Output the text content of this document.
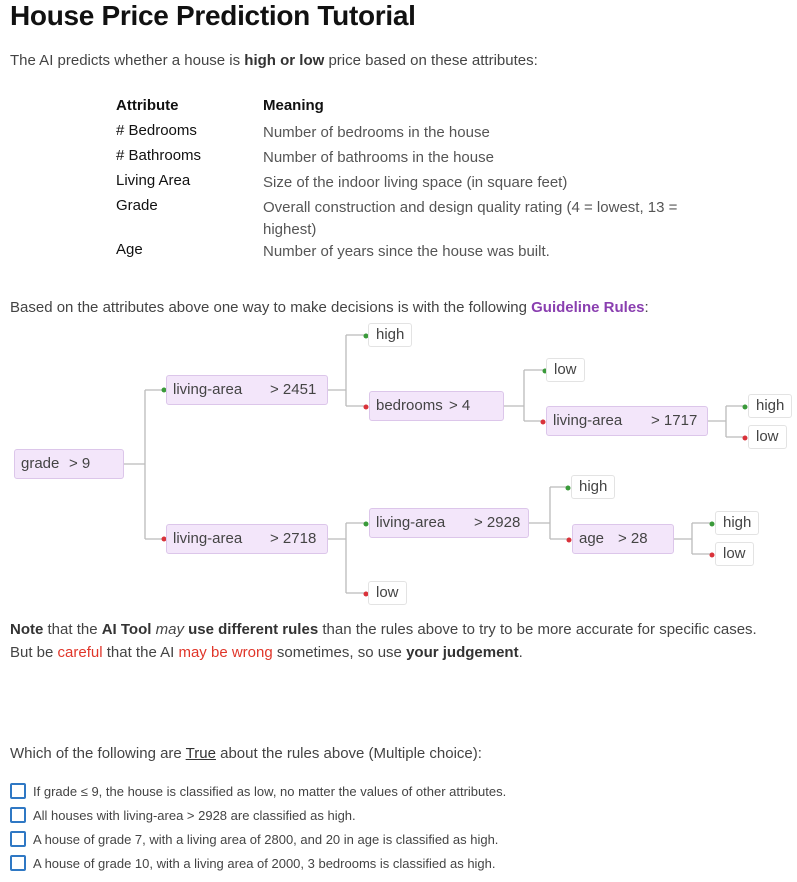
House Price Prediction Tutorial
The AI predicts whether a house is high or low price based on these attributes:
Attribute	Meaning
# Bedrooms	Number of bedrooms in the house
# Bathrooms	Number of bathrooms in the house
Living Area	Size of the indoor living space (in square feet)
Grade	Overall construction and design quality rating (4 = lowest, 13 = highest)
Age	Number of years since the house was built.
Based on the attributes above one way to make decisions is with the following Guideline Rules:
grade > 9
living-area > 2451
living-area > 2718
bedrooms > 4
living-area > 1717
living-area > 2928
age > 28
high
low
high
low
high
high
low
low
Note that the AI Tool may use different rules than the rules above to try to be more accurate for specific cases.
But be careful that the AI may be wrong sometimes, so use your judgement.
Which of the following are True about the rules above (Multiple choice):
If grade ≤ 9, the house is classified as low, no matter the values of other attributes.
All houses with living-area > 2928 are classified as high.
A house of grade 7, with a living area of 2800, and 20 in age is classified as high.
A house of grade 10, with a living area of 2000, 3 bedrooms is classified as high.
